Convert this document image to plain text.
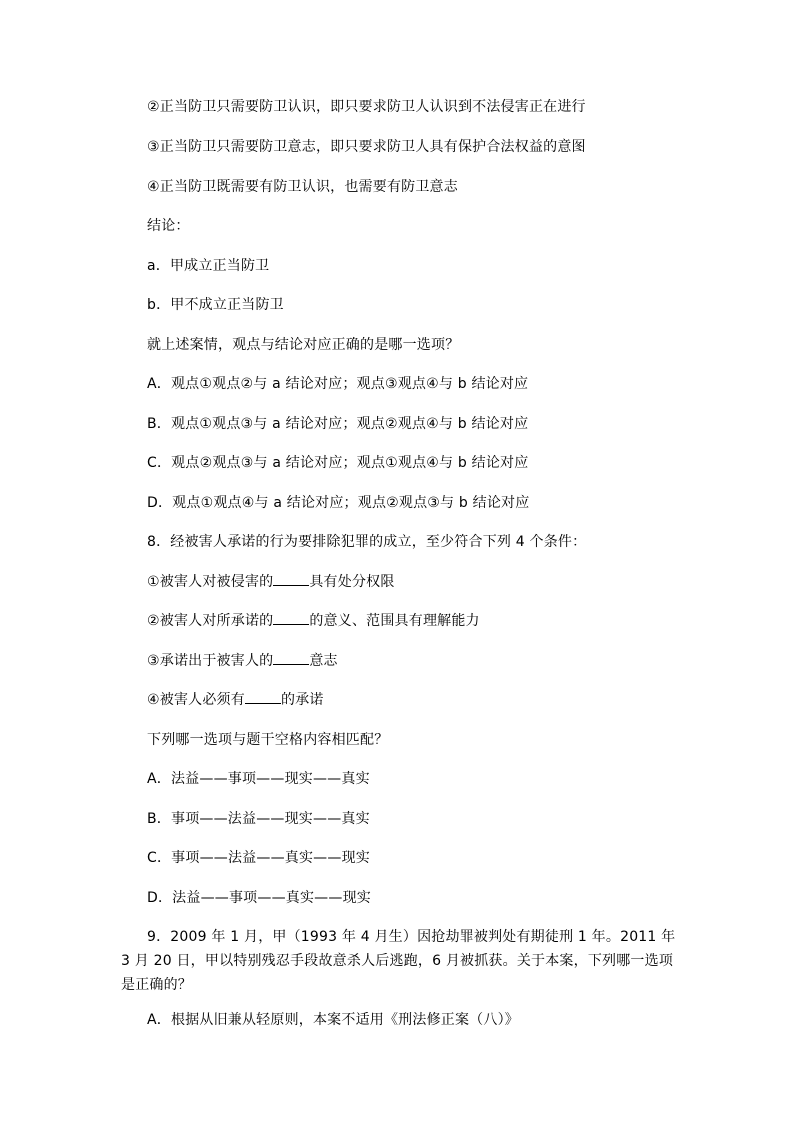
②正当防卫只需要防卫认识，即只要求防卫人认识到不法侵害正在进行
③正当防卫只需要防卫意志，即只要求防卫人具有保护合法权益的意图
④正当防卫既需要有防卫认识，也需要有防卫意志
结论：
a．甲成立正当防卫
b．甲不成立正当防卫
就上述案情，观点与结论对应正确的是哪一选项？
A．观点①观点②与 a 结论对应；观点③观点④与 b 结论对应
B．观点①观点③与 a 结论对应；观点②观点④与 b 结论对应
C．观点②观点③与 a 结论对应；观点①观点④与 b 结论对应
D．观点①观点④与 a 结论对应；观点②观点③与 b 结论对应
8．经被害人承诺的行为要排除犯罪的成立，至少符合下列 4 个条件：
①被害人对被侵害的	具有处分权限
②被害人对所承诺的	的意义、范围具有理解能力
③承诺出于被害人的	意志
④被害人必须有	的承诺
下列哪一选项与题干空格内容相匹配？
A．法益——事项——现实——真实
B．事项——法益——现实——真实
C．事项——法益——真实——现实
D．法益——事项——真实——现实
9．2009 年 1 月，甲（1993 年 4 月生）因抢劫罪被判处有期徒刑 1 年。2011 年 3 月 20 日，甲以特别残忍手段故意杀人后逃跑，6 月被抓获。关于本案，下列哪一选项是正确的？
A．根据从旧兼从轻原则，本案不适用《刑法修正案（八）》
